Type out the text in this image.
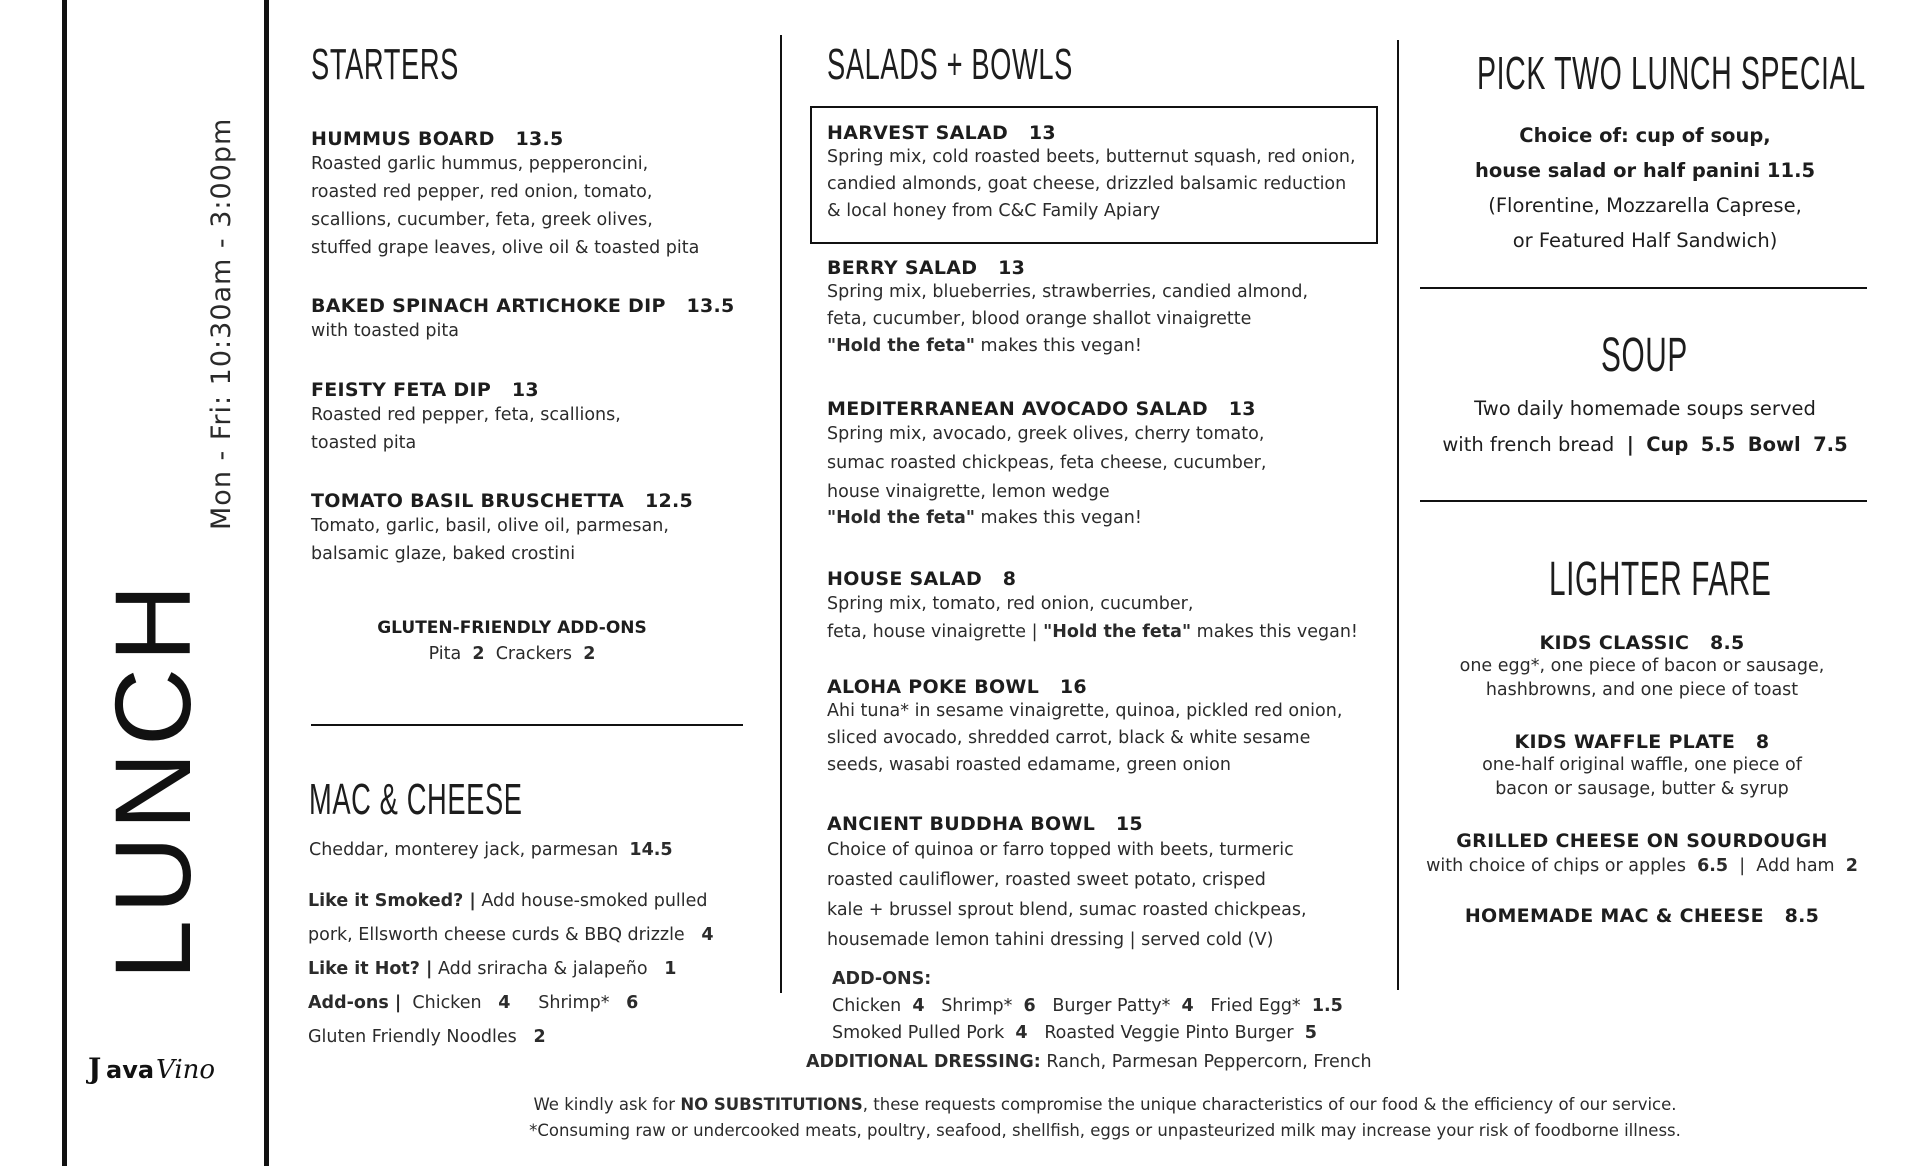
Mon - Fri: 10:30am - 3:00pm
LUNCH
J ava Vino
STARTERS
HUMMUS BOARD 13.5
Roasted garlic hummus, pepperoncini,
roasted red pepper, red onion, tomato,
scallions, cucumber, feta, greek olives,
stuffed grape leaves, olive oil & toasted pita
BAKED SPINACH ARTICHOKE DIP 13.5
with toasted pita
FEISTY FETA DIP 13
Roasted red pepper, feta, scallions,
toasted pita
TOMATO BASIL BRUSCHETTA 12.5
Tomato, garlic, basil, olive oil, parmesan,
balsamic glaze, baked crostini
GLUTEN-FRIENDLY ADD-ONS
Pita 2 Crackers 2
MAC & CHEESE
Cheddar, monterey jack, parmesan 14.5
Like it Smoked? | Add house-smoked pulled
pork, Ellsworth cheese curds & BBQ drizzle 4
Like it Hot? | Add sriracha & jalapeño 1
Add-ons | Chicken 4 Shrimp* 6
Gluten Friendly Noodles 2
SALADS + BOWLS
HARVEST SALAD 13
Spring mix, cold roasted beets, butternut squash, red onion,
candied almonds, goat cheese, drizzled balsamic reduction
& local honey from C&C Family Apiary
BERRY SALAD 13
Spring mix, blueberries, strawberries, candied almond,
feta, cucumber, blood orange shallot vinaigrette
"Hold the feta" makes this vegan!
MEDITERRANEAN AVOCADO SALAD 13
Spring mix, avocado, greek olives, cherry tomato,
sumac roasted chickpeas, feta cheese, cucumber,
house vinaigrette, lemon wedge
"Hold the feta" makes this vegan!
HOUSE SALAD 8
Spring mix, tomato, red onion, cucumber,
feta, house vinaigrette | "Hold the feta" makes this vegan!
ALOHA POKE BOWL 16
Ahi tuna* in sesame vinaigrette, quinoa, pickled red onion,
sliced avocado, shredded carrot, black & white sesame
seeds, wasabi roasted edamame, green onion
ANCIENT BUDDHA BOWL 15
Choice of quinoa or farro topped with beets, turmeric
roasted cauliflower, roasted sweet potato, crisped
kale + brussel sprout blend, sumac roasted chickpeas,
housemade lemon tahini dressing | served cold (V)
ADD-ONS:
Chicken 4 Shrimp* 6 Burger Patty* 4 Fried Egg* 1.5
Smoked Pulled Pork 4 Roasted Veggie Pinto Burger 5
ADDITIONAL DRESSING: Ranch, Parmesan Peppercorn, French
PICK TWO LUNCH SPECIAL
Choice of: cup of soup,
house salad or half panini 11.5
(Florentine, Mozzarella Caprese,
or Featured Half Sandwich)
SOUP
Two daily homemade soups served
with french bread | Cup 5.5 Bowl 7.5
LIGHTER FARE
KIDS CLASSIC 8.5
one egg*, one piece of bacon or sausage,
hashbrowns, and one piece of toast
KIDS WAFFLE PLATE 8
one-half original waffle, one piece of
bacon or sausage, butter & syrup
GRILLED CHEESE ON SOURDOUGH
with choice of chips or apples 6.5 | Add ham 2
HOMEMADE MAC & CHEESE 8.5
We kindly ask for NO SUBSTITUTIONS, these requests compromise the unique characteristics of our food & the efficiency of our service.
*Consuming raw or undercooked meats, poultry, seafood, shellfish, eggs or unpasteurized milk may increase your risk of foodborne illness.
